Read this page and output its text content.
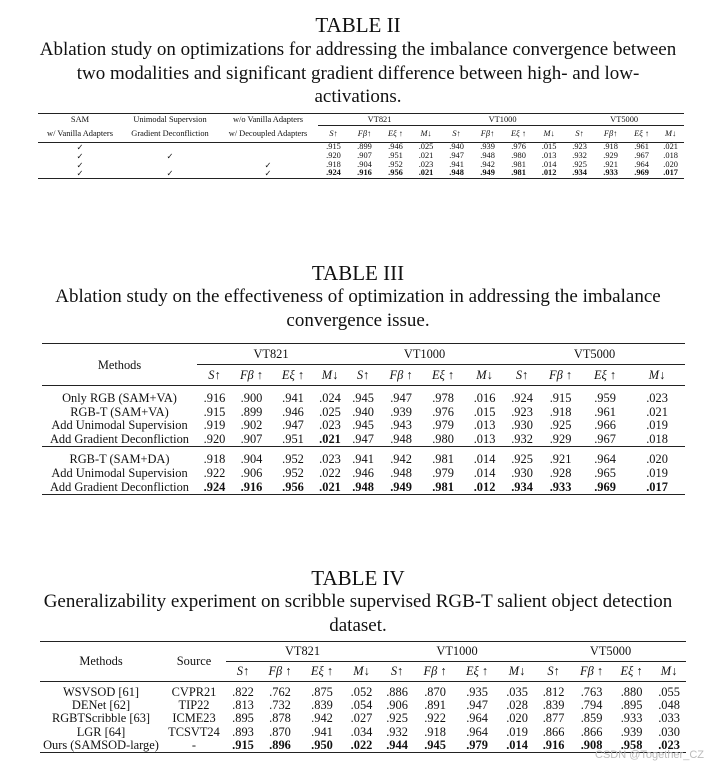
TABLE II
Ablation study on optimizations for addressing the imbalance convergence between two modalities and significant gradient difference between high- and low- activations.
SAM	Unimodal Supervsion	w/o Vanilla Adapters	VT821				VT1000				VT5000			
w/ Vanilla Adapters	Gradient Deconfliction	w/ Decoupled Adapters	S↑	Fβ↑	Eξ ↑	M↓	S↑	Fβ↑	Eξ ↑	M↓	S↑	Fβ↑	Eξ ↑	M↓
✓			.915	.899	.946	.025	.940	.939	.976	.015	.923	.918	.961	.021
✓	✓		.920	.907	.951	.021	.947	.948	.980	.013	.932	.929	.967	.018
✓		✓	.918	.904	.952	.023	.941	.942	.981	.014	.925	.921	.964	.020
✓	✓	✓	.924	.916	.956	.021	.948	.949	.981	.012	.934	.933	.969	.017
TABLE III
Ablation study on the effectiveness of optimization in addressing the imbalance convergence issue.
Methods	VT821				VT1000				VT5000			
	S↑	Fβ ↑	Eξ ↑	M↓	S↑	Fβ ↑	Eξ ↑	M↓	S↑	Fβ ↑	Eξ ↑	M↓

Only RGB (SAM+VA)	.916	.900	.941	.024	.945	.947	.978	.016	.924	.915	.959	.023
RGB-T (SAM+VA)	.915	.899	.946	.025	.940	.939	.976	.015	.923	.918	.961	.021
Add Unimodal Supervision	.919	.902	.947	.023	.945	.943	.979	.013	.930	.925	.966	.019
Add Gradient Deconfliction	.920	.907	.951	.021	.947	.948	.980	.013	.932	.929	.967	.018

RGB-T (SAM+DA)	.918	.904	.952	.023	.941	.942	.981	.014	.925	.921	.964	.020
Add Unimodal Supervision	.922	.906	.952	.022	.946	.948	.979	.014	.930	.928	.965	.019
Add Gradient Deconfliction	.924	.916	.956	.021	.948	.949	.981	.012	.934	.933	.969	.017
TABLE IV
Generalizability experiment on scribble supervised RGB-T salient object detection dataset.
Methods	Source	VT821				VT1000				VT5000			
		S↑	Fβ ↑	Eξ ↑	M↓	S↑	Fβ ↑	Eξ ↑	M↓	S↑	Fβ ↑	Eξ ↑	M↓

WSVSOD [61]	CVPR21	.822	.762	.875	.052	.886	.870	.935	.035	.812	.763	.880	.055
DENet [62]	TIP22	.813	.732	.839	.054	.906	.891	.947	.028	.839	.794	.895	.048
RGBTScribble [63]	ICME23	.895	.878	.942	.027	.925	.922	.964	.020	.877	.859	.933	.033
LGR [64]	TCSVT24	.893	.870	.941	.034	.932	.918	.964	.019	.866	.866	.939	.030
Ours (SAMSOD-large)	-	.915	.896	.950	.022	.944	.945	.979	.014	.916	.908	.958	.023
CSDN @Together_CZ
